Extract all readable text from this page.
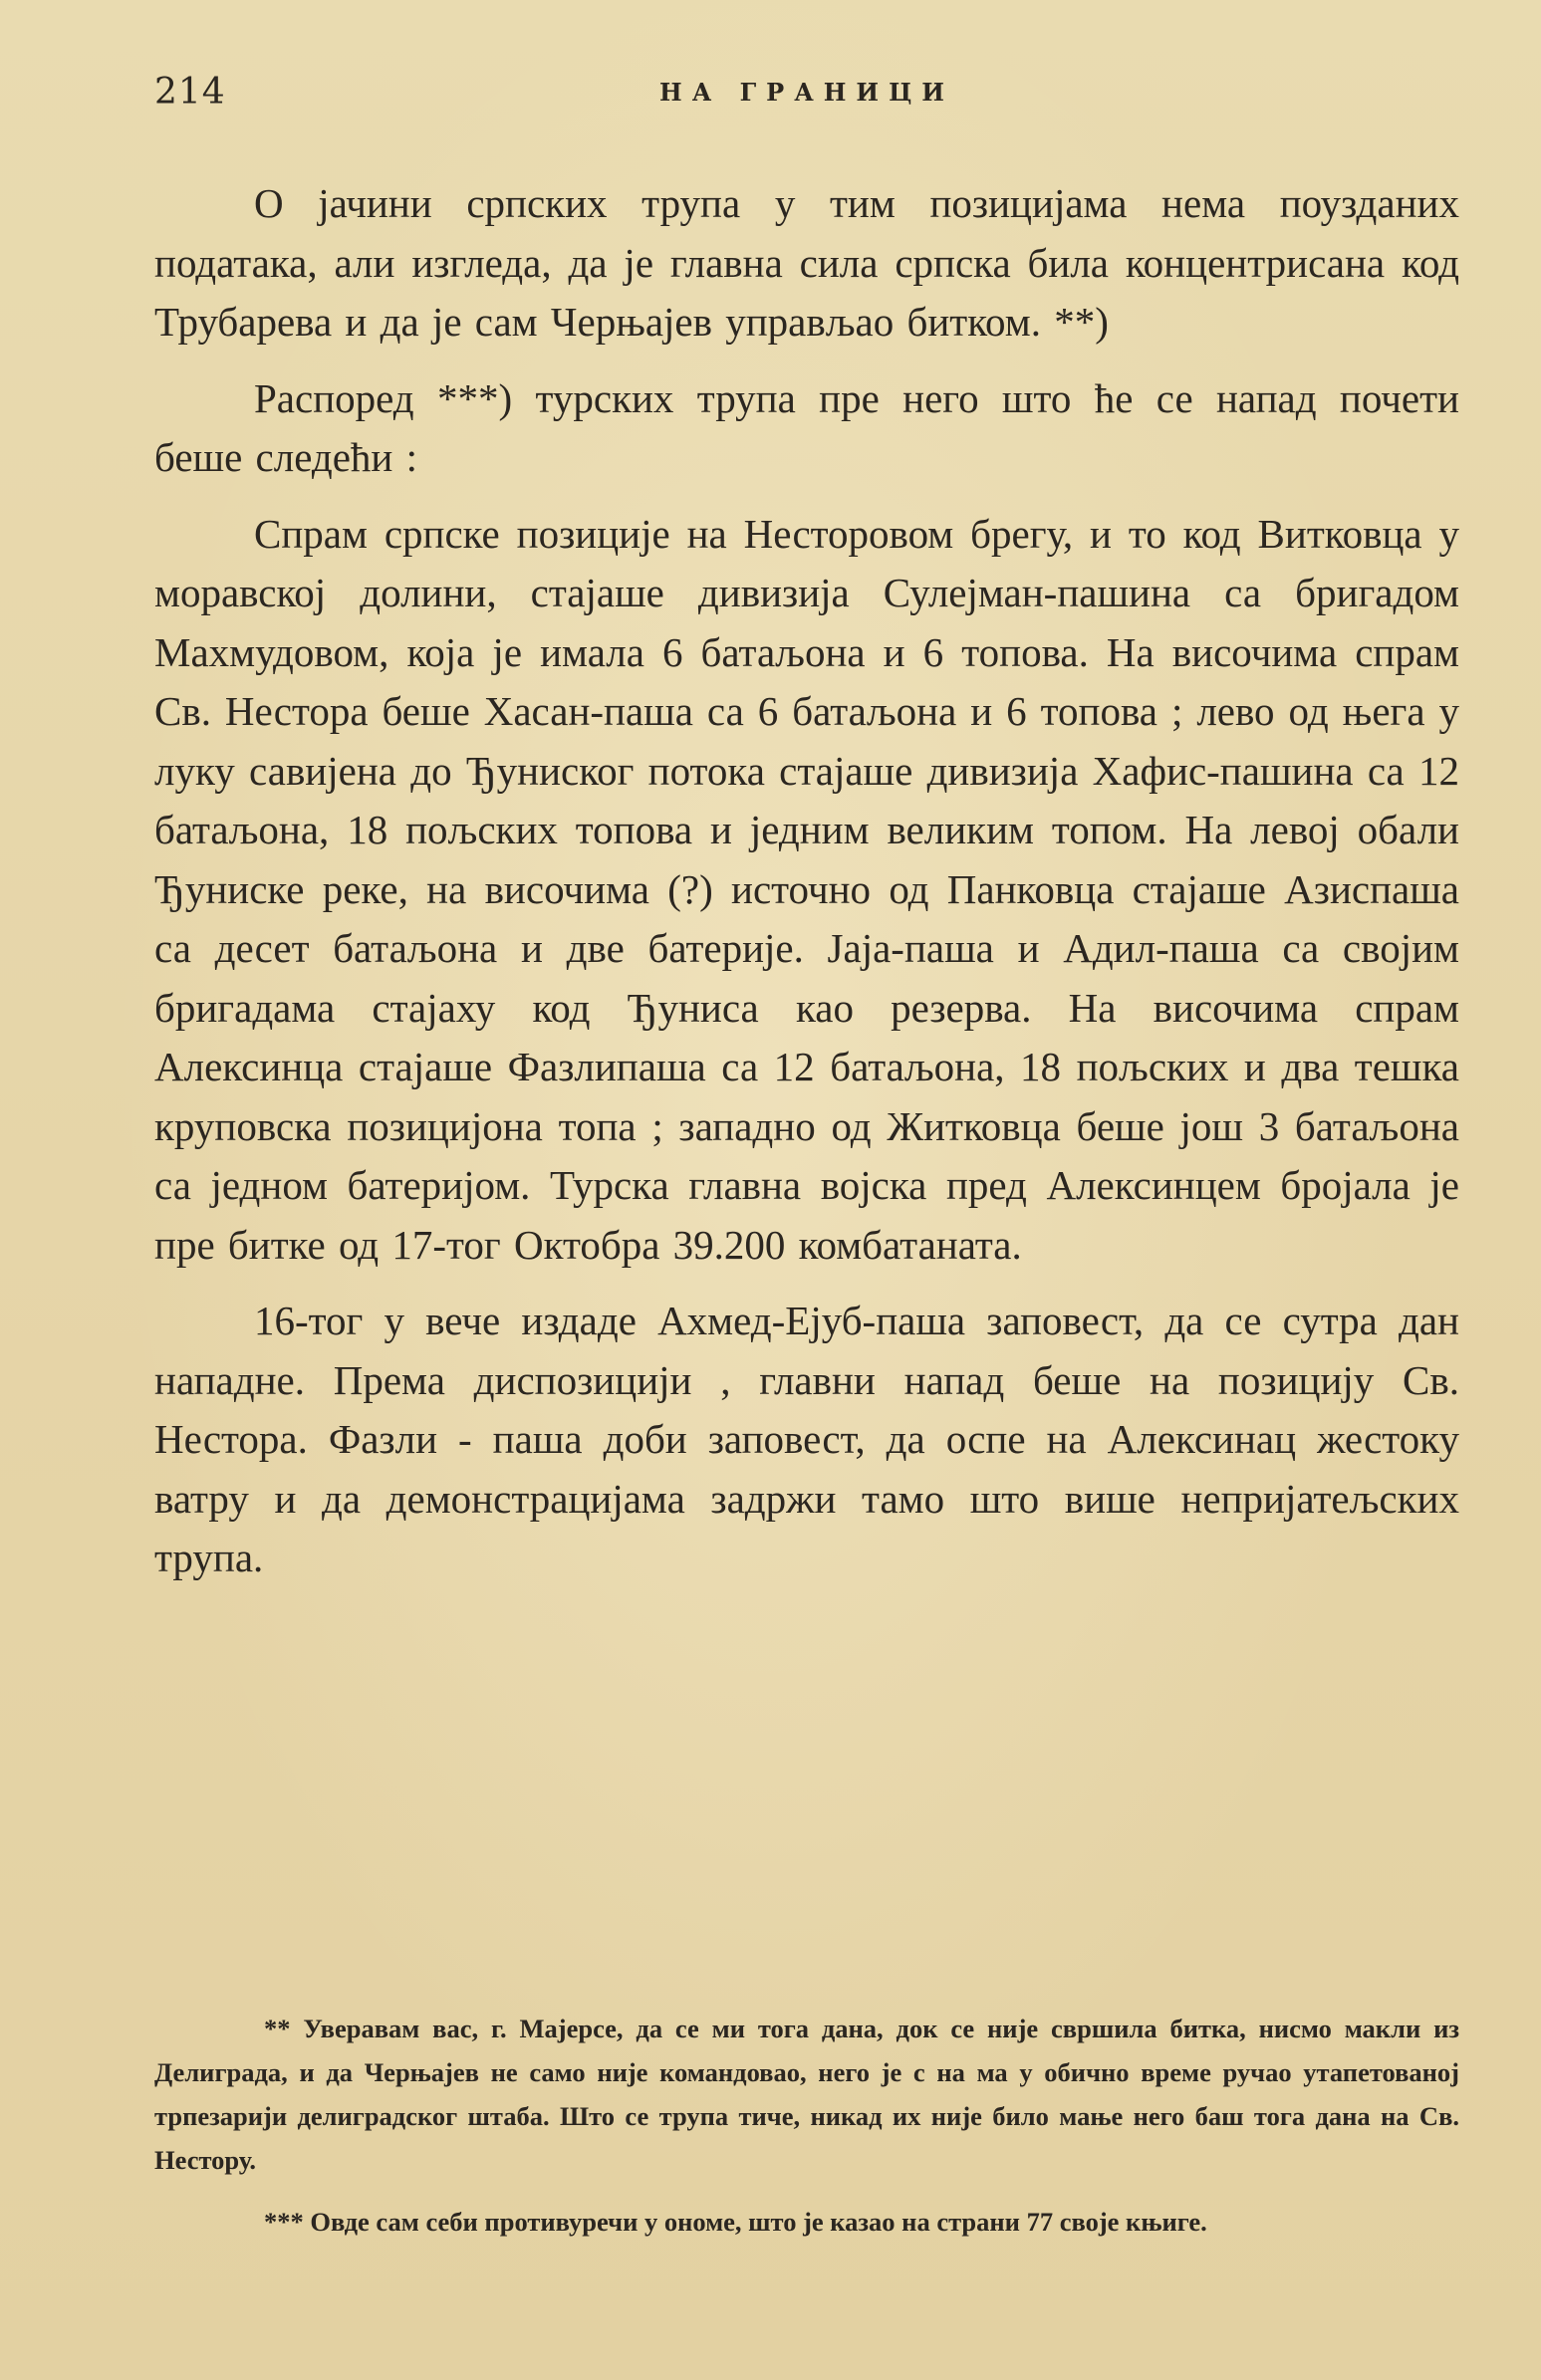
214	НА ГРАНИЦИ

О јачини српских трупа у тим позицијама нема поузданих података, али изгледа, да је главна сила српска била концентрисана код Трубарева и да је сам Черњајев управљао битком. **)

Распоред ***) турских трупа пре него што ће се напад почети беше следећи :

Спрам српске позиције на Несторовом брегу, и то код Витковца у моравској долини, стајаше дивизија Сулејман-пашина са бригадом Махмудовом, која је имала 6 батаљона и 6 топова. На височима спрам Св. Нестора беше Хасан-паша са 6 батаљона и 6 топова ; лево од њега у луку савијена до Ђуниског потока стајаше дивизија Хафис-пашина са 12 батаљона, 18 пољских топова и једним великим топом. На левој обали Ђуниске реке, на височима (?) источно од Панковца стајаше Азиспаша са десет батаљона и две батерије. Јаја-паша и Адил-паша са својим бригадама стајаху код Ђуниса као резерва. На височима спрам Алексинца стајаше Фазлипаша са 12 батаљона, 18 пољских и два тешка круповска позицијона топа ; западно од Житковца беше још 3 батаљона са једном батеријом. Турска главна војска пред Алексинцем бројала је пре битке од 17-тог Октобра 39.200 комбатаната.

16-тог у вече издаде Ахмед-Ејуб-паша заповест, да се сутра дан нападне. Према диспозицији , главни напад беше на позицију Св. Нестора. Фазли - паша доби заповест, да оспе на Алексинац жестоку ватру и да демонстрацијама задржи тамо што више непријатељских трупа.

** Уверавам вас, г. Мајерсе, да се ми тога дана, док се није свршила битка, нисмо макли из Делиграда, и да Черњајев не само није командовао, него је с на ма у обично време ручао утапетованој трпезарији делиградског штаба. Што се трупа тиче, никад их није било мање него баш тога дана на Св. Нестору.

*** Овде сам себи противуречи у ономе, што је казао на страни 77 своје књиге.
